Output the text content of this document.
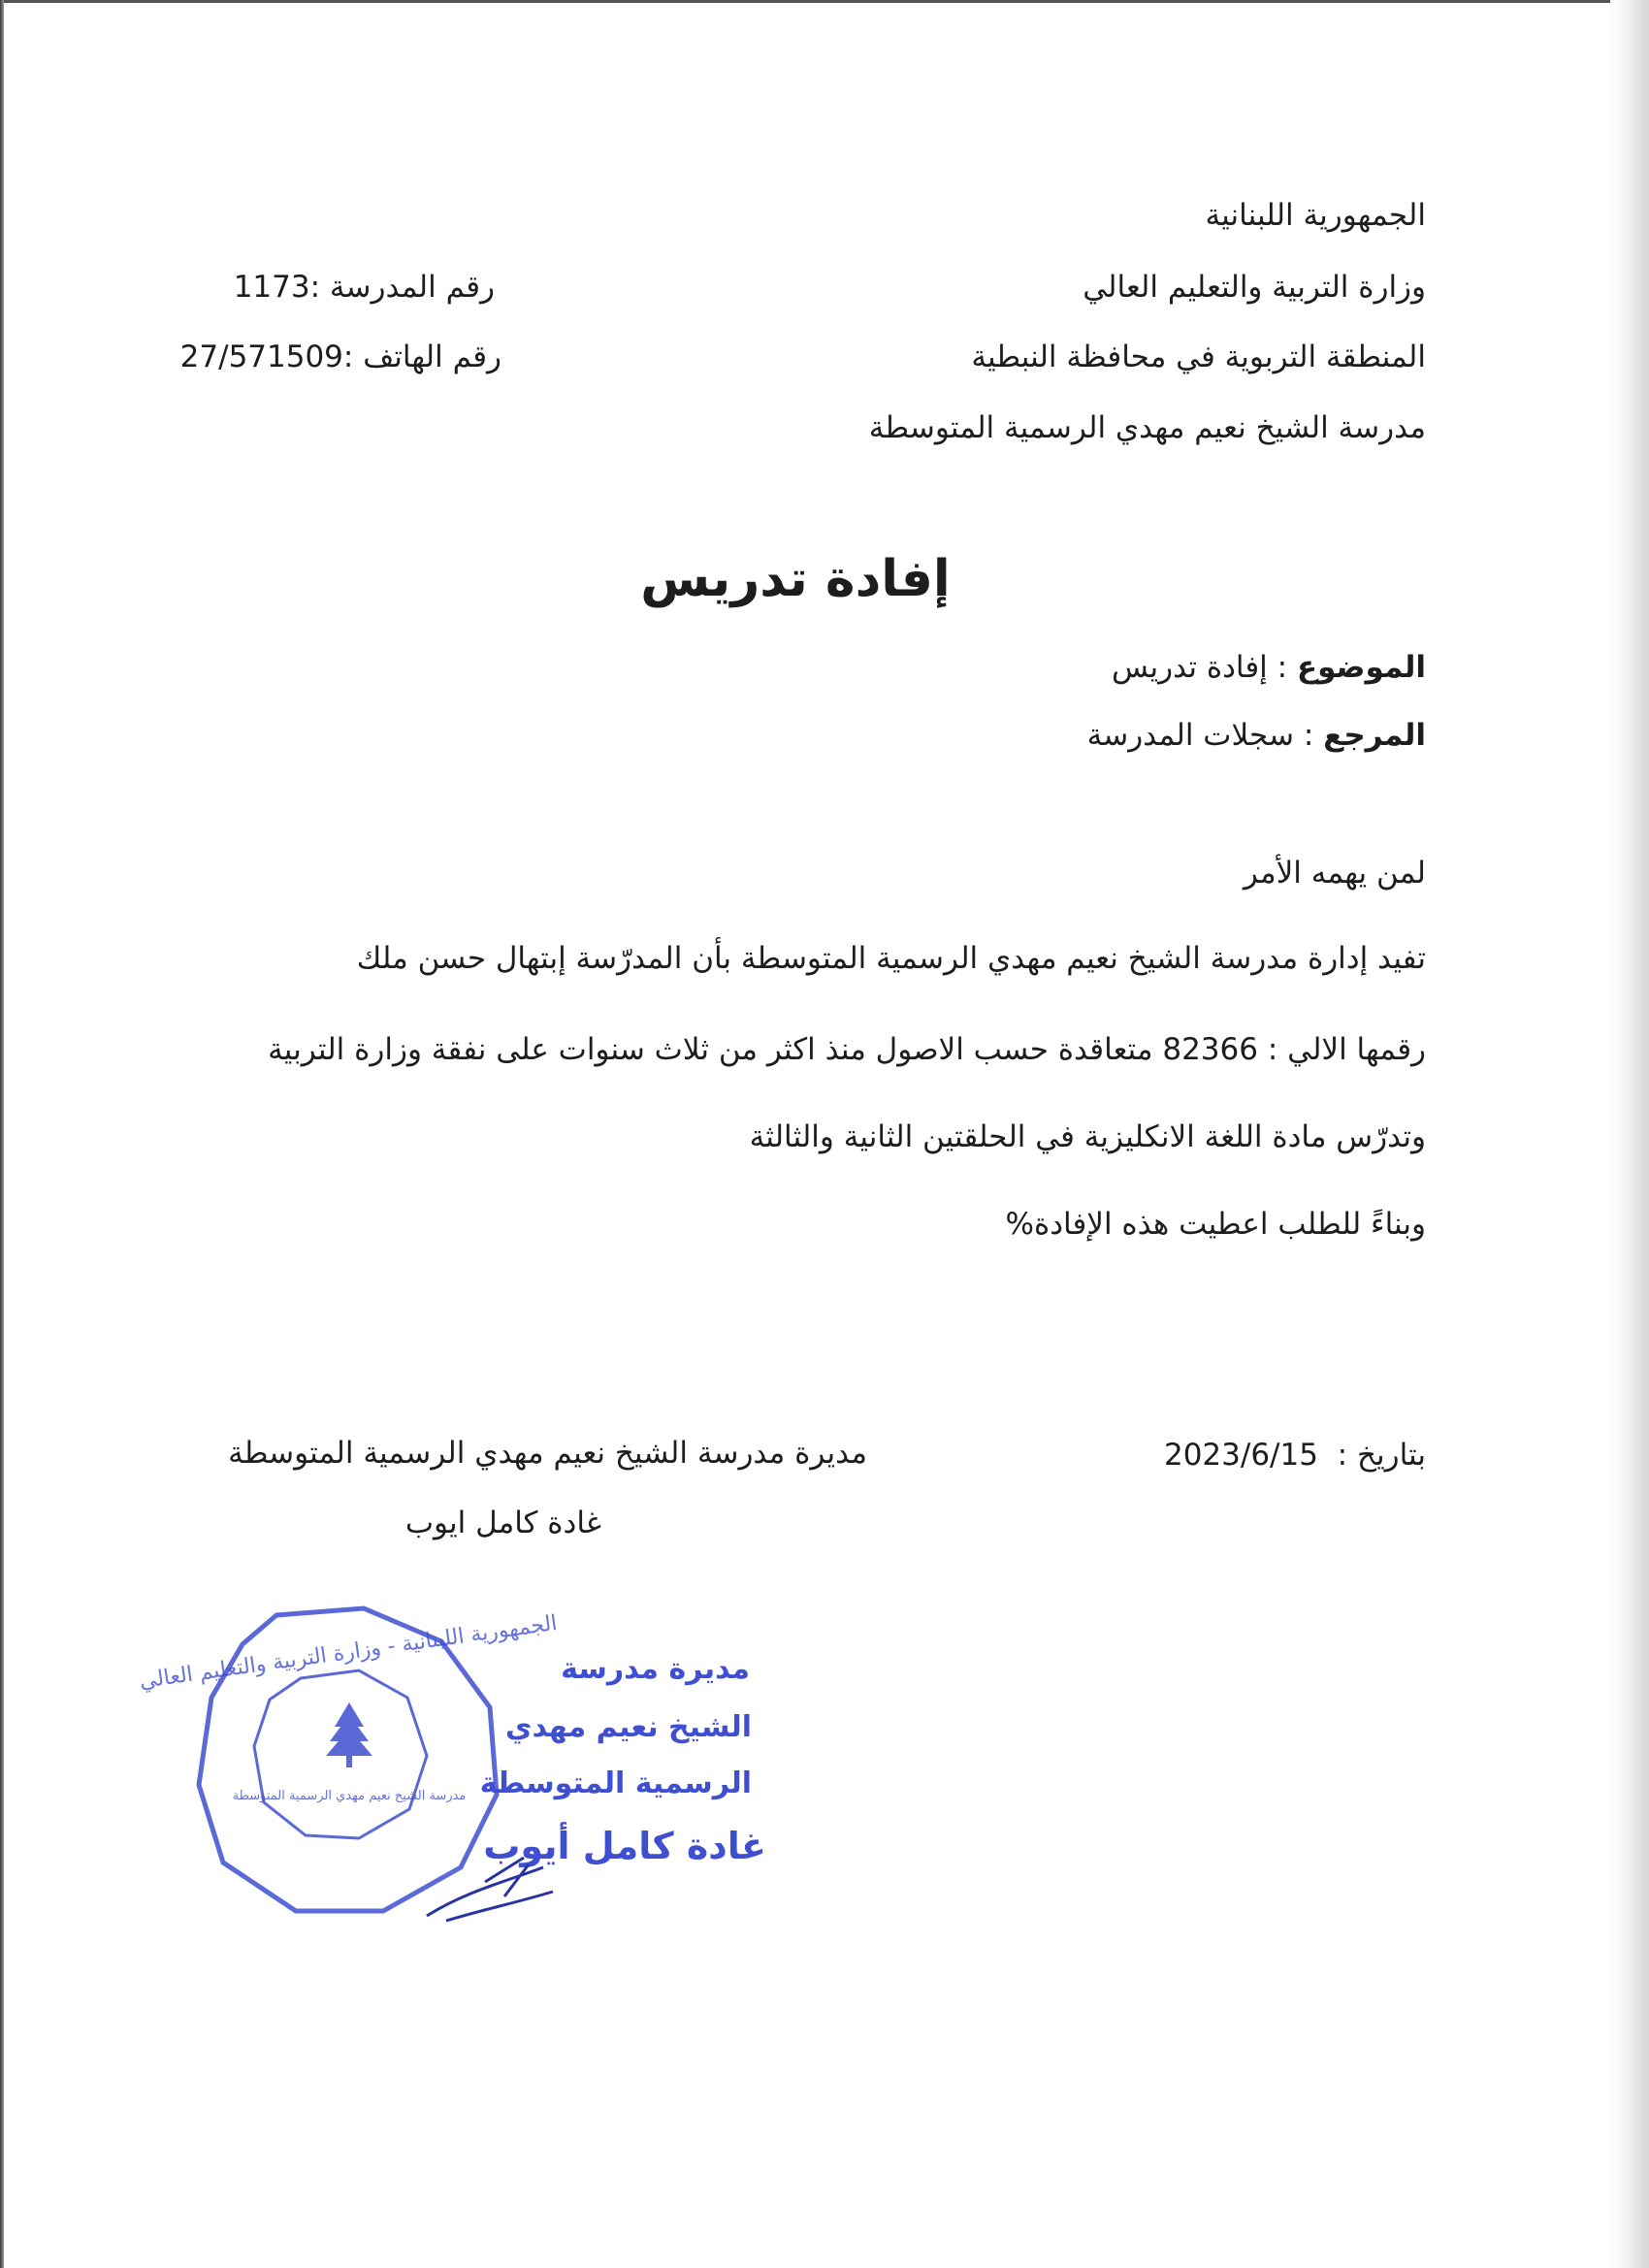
الجمهورية اللبنانية
وزارة التربية والتعليم العالي
المنطقة التربوية في محافظة النبطية
مدرسة الشيخ نعيم مهدي الرسمية المتوسطة
رقم المدرسة :1173
رقم الهاتف :27/571509
إفادة تدريس
الموضوع : إفادة تدريس
المرجع : سجلات المدرسة
لمن يهمه الأمر
تفيد إدارة مدرسة الشيخ نعيم مهدي الرسمية المتوسطة بأن المدرّسة إبتهال حسن ملك
رقمها الالي : 82366 متعاقدة حسب الاصول منذ اكثر من ثلاث سنوات على نفقة وزارة التربية
وتدرّس مادة اللغة الانكليزية في الحلقتين الثانية والثالثة
وبناءً للطلب اعطيت هذه الإفادة%
بتاريخ :  2023/6/15
مديرة مدرسة الشيخ نعيم مهدي الرسمية المتوسطة
غادة كامل ايوب
الجمهورية اللبنانية - وزارة التربية والتعليم العالي
مدرسة الشيخ نعيم مهدي الرسمية المتوسطة
مديرة مدرسة
الشيخ نعيم مهدي
الرسمية المتوسطة
غادة كامل أيوب
